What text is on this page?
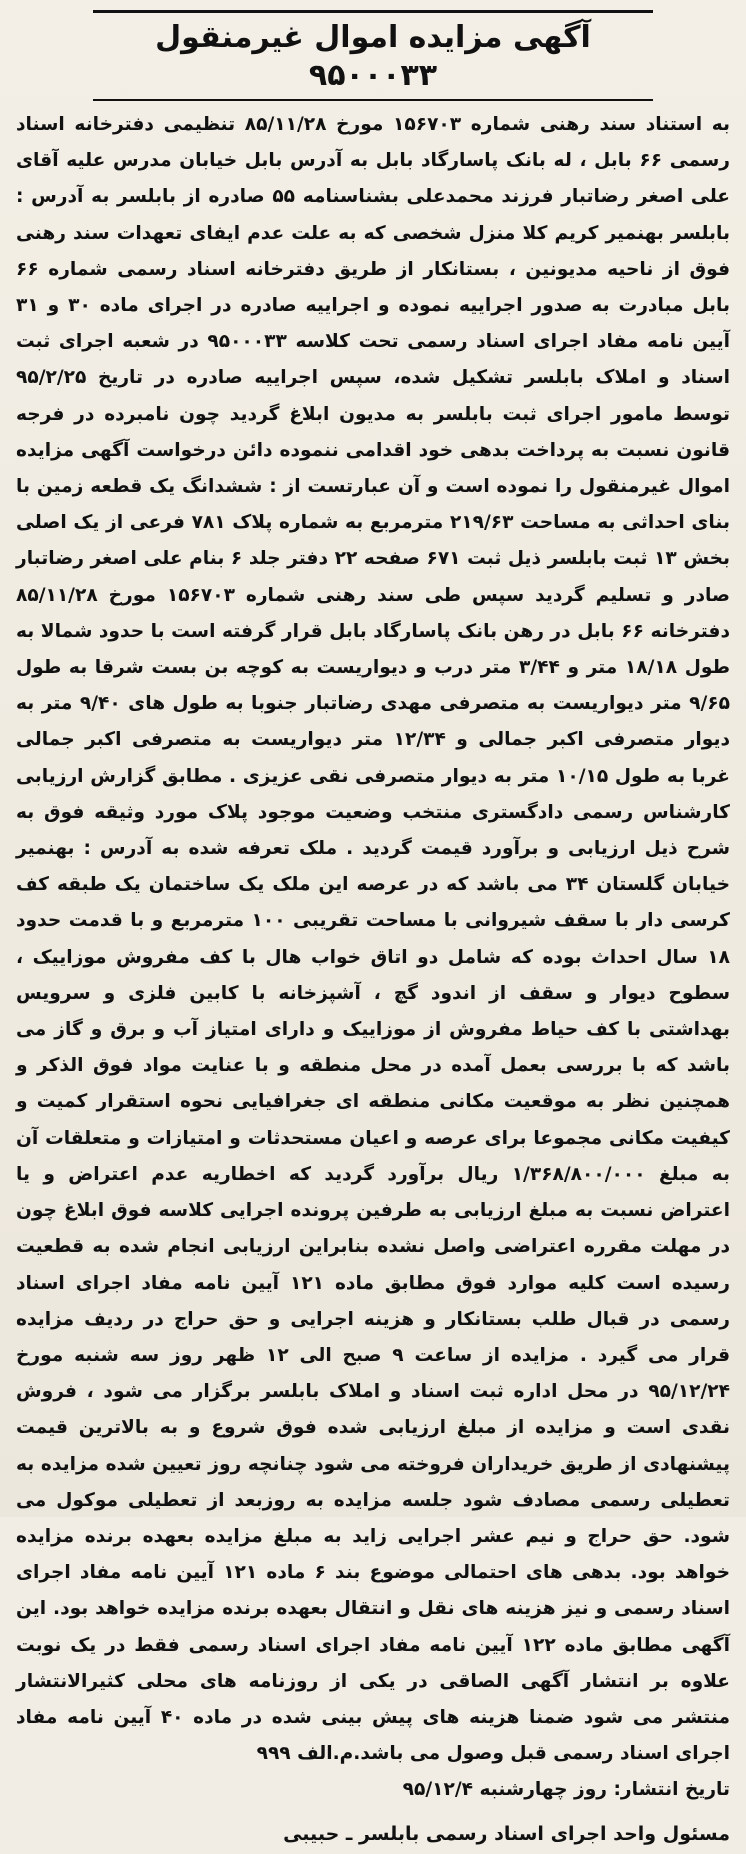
آگهی مزایده اموال غیرمنقول ۹۵۰۰۰۳۳

به استناد سند رهنی شماره ۱۵۶۷۰۳ مورخ ۸۵/۱۱/۲۸ تنظیمی دفترخانه اسناد رسمی ۶۶ بابل ، له بانک پاسارگاد بابل به آدرس بابل خیابان مدرس علیه آقای علی اصغر رضاتبار فرزند محمدعلی بشناسنامه ۵۵ صادره از بابلسر به آدرس : بابلسر بهنمیر کریم کلا منزل شخصی که به علت عدم ایفای تعهدات سند رهنی فوق از ناحیه مدیونین ، بستانکار از طریق دفترخانه اسناد رسمی شماره ۶۶ بابل مبادرت به صدور اجراییه نموده و اجراییه صادره در اجرای ماده ۳۰ و ۳۱ آیین نامه مفاد اجرای اسناد رسمی تحت کلاسه ۹۵۰۰۰۳۳ در شعبه اجرای ثبت اسناد و املاک بابلسر تشکیل شده، سپس اجراییه صادره در تاریخ ۹۵/۲/۲۵ توسط مامور اجرای ثبت بابلسر به مدیون ابلاغ گردید چون نامبرده در فرجه قانون نسبت به پرداخت بدهی خود اقدامی ننموده دائن درخواست آگهی مزایده اموال غیرمنقول را نموده است و آن عبارتست از : ششدانگ یک قطعه زمین با بنای احداثی به مساحت ۲۱۹/۶۳ مترمربع به شماره پلاک ۷۸۱ فرعی از یک اصلی بخش ۱۳ ثبت بابلسر ذیل ثبت ۶۷۱ صفحه ۲۲ دفتر جلد ۶ بنام علی اصغر رضاتبار صادر و تسلیم گردید سپس طی سند رهنی شماره ۱۵۶۷۰۳ مورخ ۸۵/۱۱/۲۸ دفترخانه ۶۶ بابل در رهن بانک پاسارگاد بابل قرار گرفته است با حدود شمالا به طول ۱۸/۱۸ متر و ۳/۴۴ متر درب و دیواریست به کوچه بن بست شرقا به طول ۹/۶۵ متر دیواریست به متصرفی مهدی رضاتبار جنوبا به طول های ۹/۴۰ متر به دیوار متصرفی اکبر جمالی و ۱۲/۳۴ متر دیواریست به متصرفی اکبر جمالی غربا به طول ۱۰/۱۵ متر به دیوار متصرفی نقی عزیزی . مطابق گزارش ارزیابی کارشناس رسمی دادگستری منتخب وضعیت موجود پلاک مورد وثیقه فوق به شرح ذیل ارزیابی و برآورد قیمت گردید . ملک تعرفه شده به آدرس : بهنمیر خیابان گلستان ۳۴ می باشد که در عرصه این ملک یک ساختمان یک طبقه کف کرسی دار با سقف شیروانی با مساحت تقریبی ۱۰۰ مترمربع و با قدمت حدود ۱۸ سال احداث بوده که شامل دو اتاق خواب هال با کف مفروش موزاییک ، سطوح دیوار و سقف از اندود گچ ، آشپزخانه با کابین فلزی و سرویس بهداشتی با کف حیاط مفروش از موزاییک و دارای امتیاز آب و برق و گاز می باشد که با بررسی بعمل آمده در محل منطقه و با عنایت مواد فوق الذکر و همچنین نظر به موقعیت مکانی منطقه ای جغرافیایی نحوه استقرار کمیت و کیفیت مکانی مجموعا برای عرصه و اعیان مستحدثات و امتیازات و متعلقات آن به مبلغ ۱/۳۶۸/۸۰۰/۰۰۰ ریال برآورد گردید که اخطاریه عدم اعتراض و یا اعتراض نسبت به مبلغ ارزیابی به طرفین پرونده اجرایی کلاسه فوق ابلاغ چون در مهلت مقرره اعتراضی واصل نشده بنابراین ارزیابی انجام شده به قطعیت رسیده است کلیه موارد فوق مطابق ماده ۱۲۱ آیین نامه مفاد اجرای اسناد رسمی در قبال طلب بستانکار و هزینه اجرایی و حق حراج در ردیف مزایده قرار می گیرد . مزایده از ساعت ۹ صبح الی ۱۲ ظهر روز سه شنبه مورخ ۹۵/۱۲/۲۴ در محل اداره ثبت اسناد و املاک بابلسر برگزار می شود ، فروش نقدی است و مزایده از مبلغ ارزیابی شده فوق شروع و به بالاترین قیمت پیشنهادی از طریق خریداران فروخته می شود چنانچه روز تعیین شده مزایده به تعطیلی رسمی مصادف شود جلسه مزایده به روزبعد از تعطیلی موکول می شود. حق حراج و نیم عشر اجرایی زاید به مبلغ مزایده بعهده برنده مزایده خواهد بود. بدهی های احتمالی موضوع بند ۶ ماده ۱۲۱ آیین نامه مفاد اجرای اسناد رسمی و نیز هزینه های نقل و انتقال بعهده برنده مزایده خواهد بود. این آگهی مطابق ماده ۱۲۲ آیین نامه مفاد اجرای اسناد رسمی فقط در یک نوبت علاوه بر انتشار آگهی الصاقی در یکی از روزنامه های محلی کثیرالانتشار منتشر می شود ضمنا هزینه های پیش بینی شده در ماده ۴۰ آیین نامه مفاد اجرای اسناد رسمی قبل وصول می باشد.م.الف ۹۹۹

تاریخ انتشار: روز چهارشنبه ۹۵/۱۲/۴

مسئول واحد اجرای اسناد رسمی بابلسر ـ حبیبی
